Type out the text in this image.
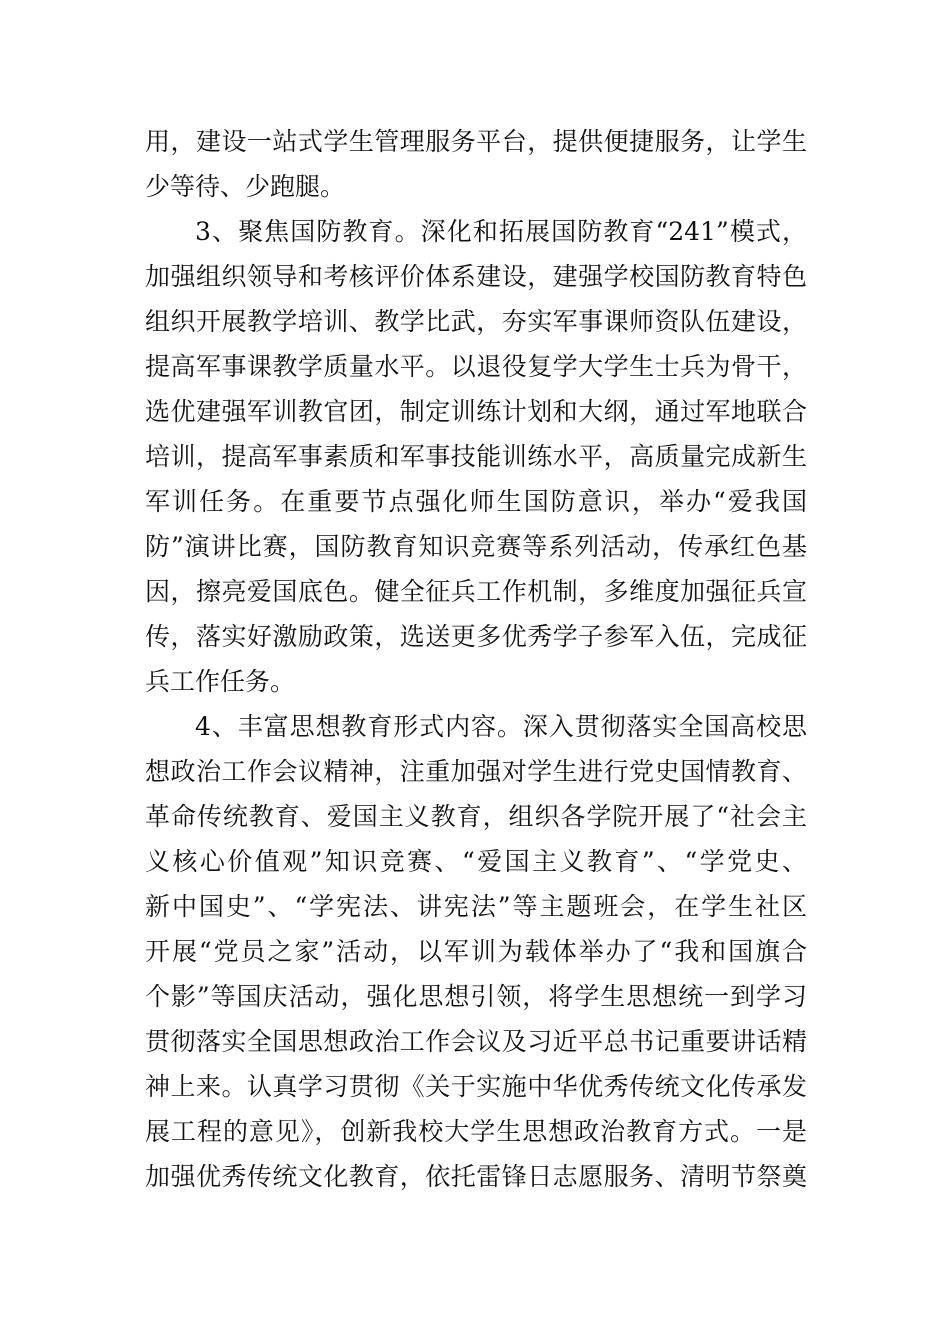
用，建设一站式学生管理服务平台，提供便捷服务，让学生
少等待、少跑腿。
3、聚焦国防教育。深化和拓展国防教育“241”模式，
加强组织领导和考核评价体系建设，建强学校国防教育特色
组织开展教学培训、教学比武，夯实军事课师资队伍建设，
提高军事课教学质量水平。以退役复学大学生士兵为骨干，
选优建强军训教官团，制定训练计划和大纲，通过军地联合
培训，提高军事素质和军事技能训练水平，高质量完成新生
军训任务。在重要节点强化师生国防意识，举办“爱我国
防”演讲比赛，国防教育知识竞赛等系列活动，传承红色基
因，擦亮爱国底色。健全征兵工作机制，多维度加强征兵宣
传，落实好激励政策，选送更多优秀学子参军入伍，完成征
兵工作任务。
4、丰富思想教育形式内容。深入贯彻落实全国高校思
想政治工作会议精神，注重加强对学生进行党史国情教育、
革命传统教育、爱国主义教育，组织各学院开展了“社会主
义核心价值观”知识竞赛、“爱国主义教育”、“学党史、
新中国史”、“学宪法、讲宪法”等主题班会，在学生社区
开展“党员之家”活动，以军训为载体举办了“我和国旗合
个影”等国庆活动，强化思想引领，将学生思想统一到学习
贯彻落实全国思想政治工作会议及习近平总书记重要讲话精
神上来。认真学习贯彻《关于实施中华优秀传统文化传承发
展工程的意见》，创新我校大学生思想政治教育方式。一是
加强优秀传统文化教育，依托雷锋日志愿服务、清明节祭奠
